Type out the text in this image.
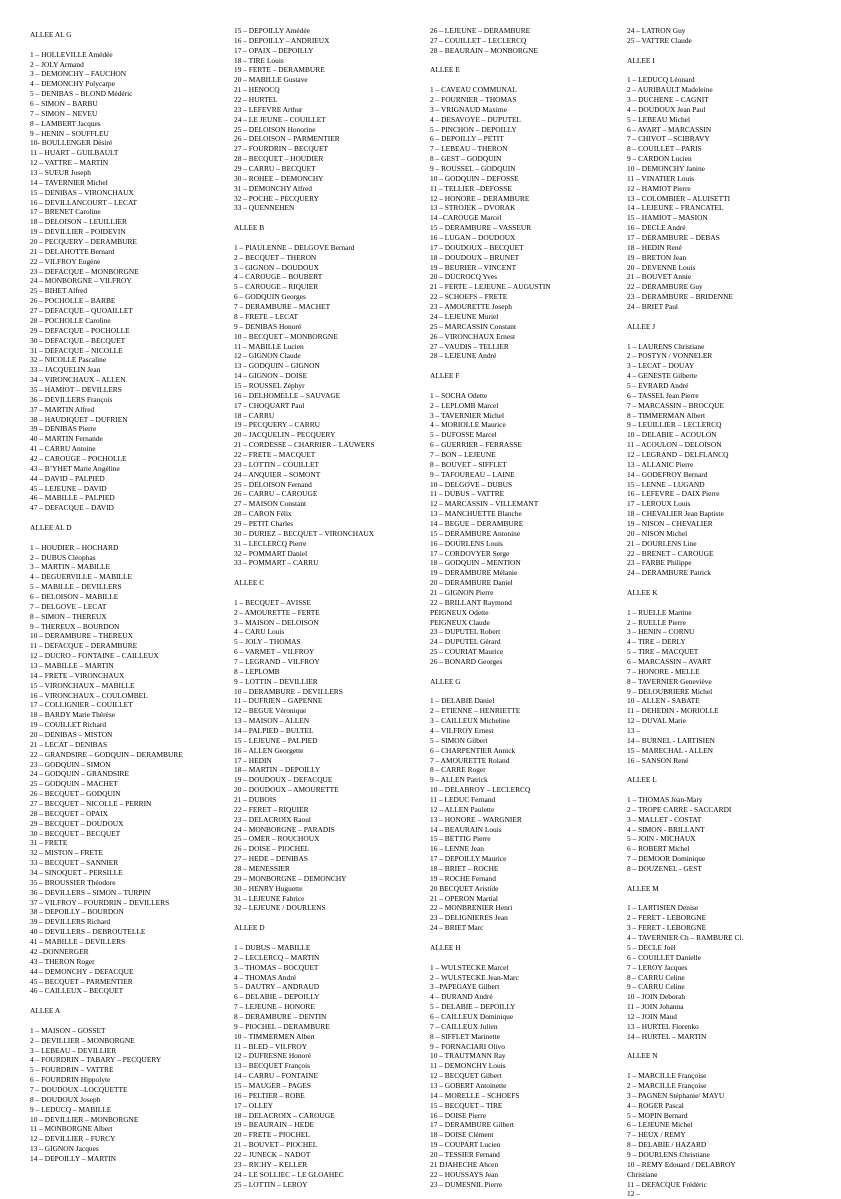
ALLEE AL G
1 – HOLLEVILLE Amédée
2 – JOLY Armand
3 – DEMONCHY – FAUCHON
4 – DEMONCHY Polycarpe
5 – DENIBAS – BLOND Médéric
6 – SIMON – BARBU
7 – SIMON – NEVEU
8 – LAMBERT Jacques
9 – HENIN – SOUFFLEU
10- BOULLENGER Désiré
11 – HUART – GUILBAULT
12 – VATTRE – MARTIN
13 – SUEUR Joseph
14 – TAVERNIER Michel
15 – DENIBAS – VIRONCHAUX
16 – DEVILLANCOURT – LECAT
17 – BRENET Caroline
18 – DELOISON – LEUILLIER
19 – DEVILLIER – POIDEVIN
20 – PECQUERY – DERAMBURE
21 – DELAHOTTE Bernard
22 – VILFROY Eugène
23 – DEFACQUE – MONBORGNE
24 – MONBORGNE – VILFROY
25 – BIHET Alfred
26 – POCHOLLE – BARBE
27 – DEFACQUE – QUOAILLET
28 – POCHOLLE Caroline
29 – DEFACQUE – POCHOLLE
30 – DEFACQUE – BECQUET
31 – DEFACQUE – NICOLLE
32 – NICOLLE Pascaline
33 – JACQUELIN Jean
34 – VIRONCHAUX – ALLEN
35 – HAMIOT – DEVILLERS
36 – DEVILLERS François
37 – MARTIN Alfred
38 – HAUDIQUET – DUFRIEN
39 – DENIBAS Pierre
40 – MARTIN Fernande
41 – CARRU Antoine
42 – CAROUGE – POCHOLLE
43 – B’YHET Marie Angéline
44 – DAVID – PALPIED
45 – LEJEUNE – DAVID
46 – MABILLE – PALPIED
47 – DEFACQUE – DAVID
ALLEE AL D
1 – HOUDIER – HOCHARD
2 – DUBUS Cléophas
3 – MARTIN – MABILLE
4 – DEGUERVILLE – MABILLE
5 – MABILLE – DEVILLERS
6 – DELOISON – MABILLE
7 – DELGOVE – LECAT
8 – SIMON – THEREUX
9 – THEREUX – BOURDON
10 – DERAMBURE – THEREUX
11 – DEFACQUE – DERAMBURE
12 – DUCRO – FONTAINE – CAILLEUX
13 – MABILLE – MARTIN
14 – FRETE – VIRONCHAUX
15 – VIRONCHAUX – MABILLE
16 – VIRONCHAUX – COULOMBEL
17 – COLLIGNIER – COUILLET
18 – BARDY Marie Thérèse
19 – COUILLET Richard
20 – DENIBAS – MISTON
21 – LECAT – DENIBAS
22 – GRANDSIRE – GODQUIN – DERAMBURE
23 – GODQUIN – SIMON
24 – GODQUIN – GRANDSIRE
25 – GODQUIN – MACHET
26 – BECQUET – GODQUIN
27 – BECQUET – NICOLLE – PERRIN
28 – BECQUET – OPAIX
29 – BECQUET – DOUDOUX
30 – BECQUET – BECQUET
31 – FRETE
32 – MISTON – FRETE
33 – BECQUET – SANNIER
34 – SINOQUET – PERSILLE
35 – BROUSSIER Théodore
36 – DEVILLERS – SIMON – TURPIN
37 – VILFROY – FOURDRIN – DEVILLERS
38 – DEPOILLY – BOURDON
39 – DEVILLERS Richard
40 – DEVILLERS – DEBROUTELLE
41 – MABILLE – DEVILLERS
42 –DONNERGER
43 – THERON Roger
44 – DEMONCHY – DEFACQUE
45 – BECQUET – PARMENTIER
46 – CAILLEUX – BECQUET
ALLEE A
1 – MAISON – GOSSET
2 – DEVILLIER – MONBORGNE
3 – LEBEAU – DEVILLIER
4 – FOURDRIN – TABARY – PECQUERY
5 – FOURDRIN – VATTRE
6 – FOURDRIN Hippolyte
7 – DOUDOUX –LOCQUETTE
8 – DOUDOUX Joseph
9 – LEDUCQ – MABILLE
10 – DEVILLIER – MONBORGNE
11 – MONBORGNE Albert
12 – DEVILLIER – FURCY
13 – GIGNON Jacques
14 – DEPOILLY – MARTIN
15 – DEPOILLY Amédée
16 – DEPOILLY – ANDRIEUX
17 – OPAIX – DEPOILLY
18 – TIRE Louis
19 – FERTE – DERAMBURE
20 – MABILLE Gustave
21 – HENOCQ
22 – HURTEL
23 – LEFEVRE Arthur
24 – LE JEUNE – COUILLET
25 – DELOISON Honorine
26 – DELOISON – PARMENTIER
27 – FOURDRIN – BECQUET
28 – BECQUET – HOUDIER
29 – CARRU – BECQUET
30 – ROHEE – DEMONCHY
31 – DEMONCHY Alfred
32 – POCHE – PECQUERY
33 – QUENNEHEN
ALLEE B
1 – PIAULENNE – DELGOVE Bernard
2 – BECQUET – THERON
3 – GIGNON – DOUDOUX
4 – CAROUGE – BOUBERT
5 – CAROUGE – RIQUIER
6 – GODQUIN Georges
7 – DERAMBURE – MACHET
8 – FRETE – LECAT
9 – DENIBAS Honoré
10 – BECQUET – MONBORGNE
11 – MABILLE Lucien
12 – GIGNON Claude
13 – GODQUIN – GIGNON
14 – GIGNON – DOISE
15 – ROUSSEL Zéphyr
16 – DELHOMELLE – SAUVAGE
17 – CHOQUART Paul
18 – CARRU
19 – PECQUERY – CARRU
20 – JACQUELIN – PECQUERY
21 – CORDESSE – CHARRIER – LAUWERS
22 – FRETE – MACQUET
23 – LOTTIN – COUILLET
24 – ANQUIER – SOMONT
25 – DELOISON Fernand
26 – CARRU – CAROUGE
27 – MAISON Constant
28 – CARON Félix
29 – PETIT Charles
30 – DURIEZ – BECQUET – VIRONCHAUX
31 – LECLERCQ Pierre
32 – POMMART Daniel
33 – POMMART – CARRU
ALLEE C
1 – BECQUET – AVISSE
2 – AMOURETTE – FERTE
3 – MAISON – DELOISON
4 – CARU Louis
5 – JOLY – THOMAS
6 – VARMET – VILFROY
7 – LEGRAND – VILFROY
8 – LEPLOMB
9 – LOTTIN – DEVILLIER
10 – DERAMBURE – DEVILLERS
11 – DUFRIEN – GAPENNE
12 – BEGUE Véronique
13 – MAISON – ALLEN
14 – PALPIED – BULTEL
15 – LEJEUNE – PALPIED
16 – ALLEN Georgette
17 – HEDIN
18 – MARTIN – DEPOILLY
19 – DOUDOUX – DEFACQUE
20 – DOUDOUX – AMOURETTE
21 – DUBOIS
22 – FERET – RIQUIER
23 – DELACROIX Raoul
24 – MONBORGNE – PARADIS
25 – OMER – ROUCHOUX
26 – DOISE – PIOCHEL
27 – HEDE – DENIBAS
28 – MENESSIER
29 – MONBORGNE – DEMONCHY
30 – HENRY Huguette
31 – LEJEUNE Fabrice
32 – LEJEUNE / DOURLENS
ALLEE D
1 – DUBUS – MABILLE
2 – LECLERCQ – MARTIN
3 – THOMAS – BOCQUET
4 – THOMAS André
5 – DAUTRY – ANDRAUD
6 – DELABIE – DEPOILLY
7 – LEJEUNE – HONORE
8 – DERAMBURE – DENTIN
9 – PIOCHEL – DERAMBURE
10 – TIMMERMEN Albert
11 – BLED – VILFROY
12 – DUFRESNE Honoré
13 – BECQUET François
14 – CARRU – FONTAINE
15 – MAUGER – PAGES
16 – PELTIER – ROBE
17 – OLLEY
18 – DELACROIX – CAROUGE
19 – BEAURAIN – HEDE
20 – FRETE – PIOCHEL
21 – BOUVET – PIOCHEL
22 – JUNECK – NADOT
23 – RICHY – KELLER
24 – LE SOLLIEC – LE GLOAHEC
25 – LOTTIN – LEROY
26 – LEJEUNE – DERAMBURE
27 – COUILLET – LECLERCQ
28 – BEAURAIN – MONBORGNE
ALLEE E
1 – CAVEAU COMMUNAL
2 – FOURNIER – THOMAS
3 – VRIGNAUD Maxime
4 – DESAVOYE – DUPUTEL
5 – PINCHON – DEPOILLY
6 – DEPOILLY – PETIT
7 – LEBEAU – THERON
8 – GEST – GODQUIN
9 – ROUSSEL – GODQUIN
10 – GODQUIN – DEFOSSE
11 – TELLIER –DEFOSSE
12 – HONORE – DERAMBURE
13 – STROJEK – DVORAK
14 –CAROUGE Marcel
15 – DERAMBURE – VASSEUR
16 – LUGAN – DOUDOUX
17 – DOUDOUX – BECQUET
18 – DOUDOUX – BRUNET
19 – BEURIER – VINCENT
20 – DUCROCQ Yves
21 – FERTE – LEJEUNE – AUGUSTIN
22 – SCHOEFS – FRETE
23 – AMOURETTE Joseph
24 – LEJEUNE Muriel
25 – MARCASSIN Constant
26 – VIRONCHAUX Ernest
27 – VAUDIS – TELLIER
28 – LEJEUNE André
ALLEE F
1 – SOCHA Odette
2 – LEPLOMB Marcel
3 – TAVERNIER Michel
4 – MORIOLLE Maurice
5 – DUFOSSE Marcel
6 – GUERRIER – FERRASSE
7 – BON – LEJEUNE
8 – BOUVET – SIFFLET
9 – TAFOUREAU – LAINE
10 – DELGOVE – DUBUS
11 – DUBUS – VATTRE
12 – MARCASSIN – VILLEMANT
13 – MANCHUETTE Blanche
14 – BEGUE – DERAMBURE
15 – DERAMBURE Antonine
16 – DOURLENS Louis
17 – CORDOVYER Serge
18 – GODQUIN – MENTION
19 – DERAMBURE Mélanie
20 – DERAMBURE Daniel
21 – GIGNON Pierre
22 – BRILLANT Raymond
PEIGNEUX Odette
PEIGNEUX Claude
23 – DUPUTEL Robert
24 – DUPUTEL Gérard
25 – COURIAT Maurice
26 – BONARD Georges
ALLEE G
1 – DELABIE Daniel
2 – ETIENNE – HENRIETTE
3 – CAILLEUX Micheline
4 – VILFROY Ernest
5 – SIMON Gilbert
6 – CHARPENTIER Annick
7 – AMOURETTE Roland
8 – CARRE Roger
9 – ALLEN Patrick
10 – DELABROY – LECLERCQ
11 – LEDUC Fernand
12 – ALLEN Paulette
13 – HONORE – WARGNIER
14 – BEAURAIN Louis
15 – BETTIG Pierre
16 – LENNE Jean
17 – DEPOILLY Maurice
18 – BRIET – ROCHE
19 – ROCHE Fernand
20 BECQUET Aristide
21 – OPERON Martial
22 – MONBRENIER Henri
23 – DELIGNIERES Jean
24 – BRIET Marc
ALLEE H
1 – WULSTECKE Marcel
2 – WULSTECKE Jean-Marc
3 –PAPEGAYE Gilbert
4 – DURAND André
5 – DELABIE – DEPOILLY
6 – CAILLEUX Dominique
7 – CAILLEUX Julien
8 – SIFFLET Marinette
9 – FORNACIARI Olivo
10 – TRAUTMANN Ray
11 – DEMONCHY Louis
12 – BECQUET Gilbert
13 – GOBERT Antoinette
14 – MORELLE – SCHOEFS
15 – BECQUET – TIRE
16 – DOISE Pierre
17 – DERAMBURE Gilbert
18 – DOISE Clément
19 – COUPART Lucien
20 – TESSIER Fernand
21 DJAHECHE Ahcen
22 – HOUSSAYS Jean
23 – DUMESNIL Pierre
24 – LATRON Guy
25 – VATTRE Claude
ALLEE I
1 – LEDUCQ Léonard
2 – AURIBAULT Madeleine
3 – DUCHENE – CAGNIT
4 – DOUDOUX Jean Paul
5 – LEBEAU Michel
6 – AVART – MARCASSIN
7 – CHIVOT – SCIBRAVY
8 – COUILLET – PARIS
9 – CARDON Lucien
10 – DEMONCHY Janine
11 – VINATIER Louis
12 – HAMIOT Pierre
13 – COLOMBIER – ALUISETTI
14 – LEJEUNE – FRANCATEL
15 – HAMIOT – MASION
16 – DECLE André
17 – DERAMBURE – DEBAS
18 – HEDIN René
19 – BRETON Jean
20 – DEVENNE Louis
21 – BOUVET Annie
22 – DERAMBURE Guy
23 – DERAMBURE – BRIDENNE
24 – BRIET Paul
ALLEE J
1 – LAURENS Christiane
2 – POSTYN / VONNELER
3 – LECAT – DOUAY
4 – GENESTE Gilberte
5 – EVRARD André
6 – TASSEL Jean Pierre
7 – MARCASSIN – BROCQUE
8 – TIMMERMAN Albert
9 – LEUILLIER – LECLERCQ
10 – DELABIE – ACOULON
11 – ACOULON – DELOISON
12 – LEGRAND – DELFLANCQ
13 – ALLANIC Pierre
14 – GODEFROY Bernard
15 – LENNE – LUGAND
16 – LEFEVRE – DAIX Pierre
17 – LEROUX Louis
18 – CHEVALIER Jean Baptiste
19 – NISON – CHEVALIER
20 – NISON Michel
21 – DOURLENS Line
22 – BRENET – CAROUGE
23 – FARBE Philippe
24 – DERAMBURE Patrick
ALLEE K
1 – RUELLE Martine
2 – RUELLE Pierre
3 – HENIN – CORNU
4 – TIRE – DERLY
5 – TIRE – MACQUET
6 – MARCASSIN – AVART
7 – HONORE - MELLE
8 – TAVERNIER Geneviève
9 – DELOUBRIERE Michel
10 – ALLEN - SABATE
11 – DEHEDIN - MORIOLLE
12 – DUVAL Marie
13 –
14 – BURNEL - LARTISIEN
15 – MARECHAL - ALLEN
16 – SANSON René
ALLEE L
1 – THOMAS Jean-Mary
2 – TROPE CARRE - SACCARDI
3 – MALLET - COSTAT
4 – SIMON - BRILLANT
5 – JOIN - MICHAUX
6 – ROBERT Michel
7 – DEMOOR Dominique
8 – DOUZENEL - GEST
ALLEE M
1 – LARTISIEN Denise
2 – FERET - LEBORGNE
3 – FERET - LEBORGNE
4 – TAVERNIER Ch – RAMBURE Cl.
5 – DECLE Joël
6 – COUILLET Danielle
7 – LEROY Jacques
8 – CARRU Celine
9 – CARRU Celine
10 – JOIN Deborah
11 – JOIN Johanna
12 – JOIN Maud
13 – HURTEL Florenko
14 – HURTEL – MARTIN
ALLEE N
1 – MARCILLE Françoise
2 – MARCILLE Françoise
3 – PAGNEN Stéphanie/ MAYU
4 – ROGER Pascal
5 – MOPIN Bernard
6 – LEJEUNE Michel
7 – HEUX / REMY
8 – DELABIE / HAZARD
9 – DOURLENS Christiane
10 – REMY Edouard / DELABROY
Christiane
11 – DEFACQUE Frédéric
12 –
